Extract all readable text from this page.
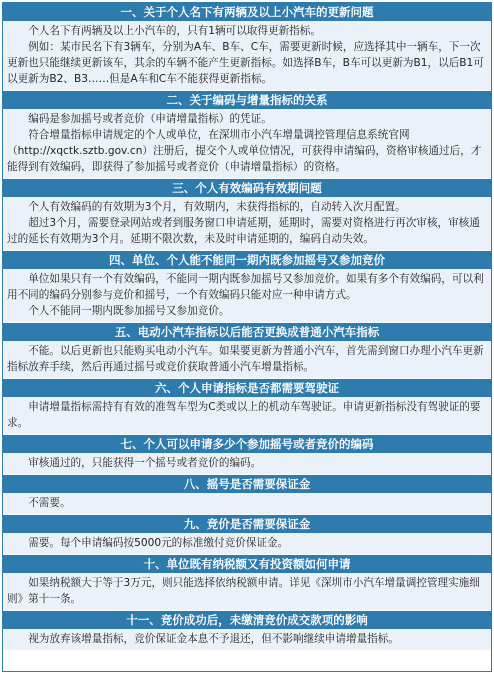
一、关于个人名下有两辆及以上小汽车的更新问题

个人名下有两辆及以上小汽车的，只有1辆可以取得更新指标。

例如：某市民名下有3辆车，分别为A车、B车、C车，需要更新时候，应选择其中一辆车，下一次更新也只能继续更新该车，其余的车辆不能产生更新指标。如选择B车，B车可以更新为B1，以后B1可以更新为B2、B3……但是A车和C车不能获得更新指标。

二、关于编码与增量指标的关系

编码是参加摇号或者竞价（申请增量指标）的凭证。

符合增量指标申请规定的个人或单位，在深圳市小汽车增量调控管理信息系统官网（http://xqctk.sztb.gov.cn）注册后，提交个人或单位情况，可获得申请编码，资格审核通过后，才能得到有效编码，即获得了参加摇号或者竞价（申请增量指标）的资格。

三、个人有效编码有效期问题

个人有效编码的有效期为3个月，有效期内，未获得指标的，自动转入次月配置。

超过3个月，需要登录网站或者到服务窗口申请延期，延期时，需要对资格进行再次审核，审核通过的延长有效期为3个月。延期不限次数，未及时申请延期的，编码自动失效。

四、单位、个人能不能同一期内既参加摇号又参加竞价

单位如果只有一个有效编码，不能同一期内既参加摇号又参加竞价。如果有多个有效编码，可以利用不同的编码分别参与竞价和摇号，一个有效编码只能对应一种申请方式。

个人不能同一期内既参加摇号又参加竞价。

五、电动小汽车指标以后能否更换成普通小汽车指标

不能。以后更新也只能购买电动小汽车。如果要更新为普通小汽车，首先需到窗口办理小汽车更新指标放弃手续，然后再通过摇号或竞价获取普通小汽车增量指标。

六、个人申请指标是否都需要驾驶证

申请增量指标需持有有效的准驾车型为C类或以上的机动车驾驶证。申请更新指标没有驾驶证的要求。

七、个人可以申请多少个参加摇号或者竞价的编码

审核通过的，只能获得一个摇号或者竞价的编码。

八、摇号是否需要保证金

不需要。

九、竞价是否需要保证金

需要。每个申请编码按5000元的标准缴付竞价保证金。

十、单位既有纳税额又有投资额如何申请

如果纳税额大于等于3万元，则只能选择依纳税额申请。详见《深圳市小汽车增量调控管理实施细则》第十一条。

十一、竞价成功后，未缴清竞价成交款项的影响

视为放弃该增量指标，竞价保证金本息不予退还，但不影响继续申请增量指标。
